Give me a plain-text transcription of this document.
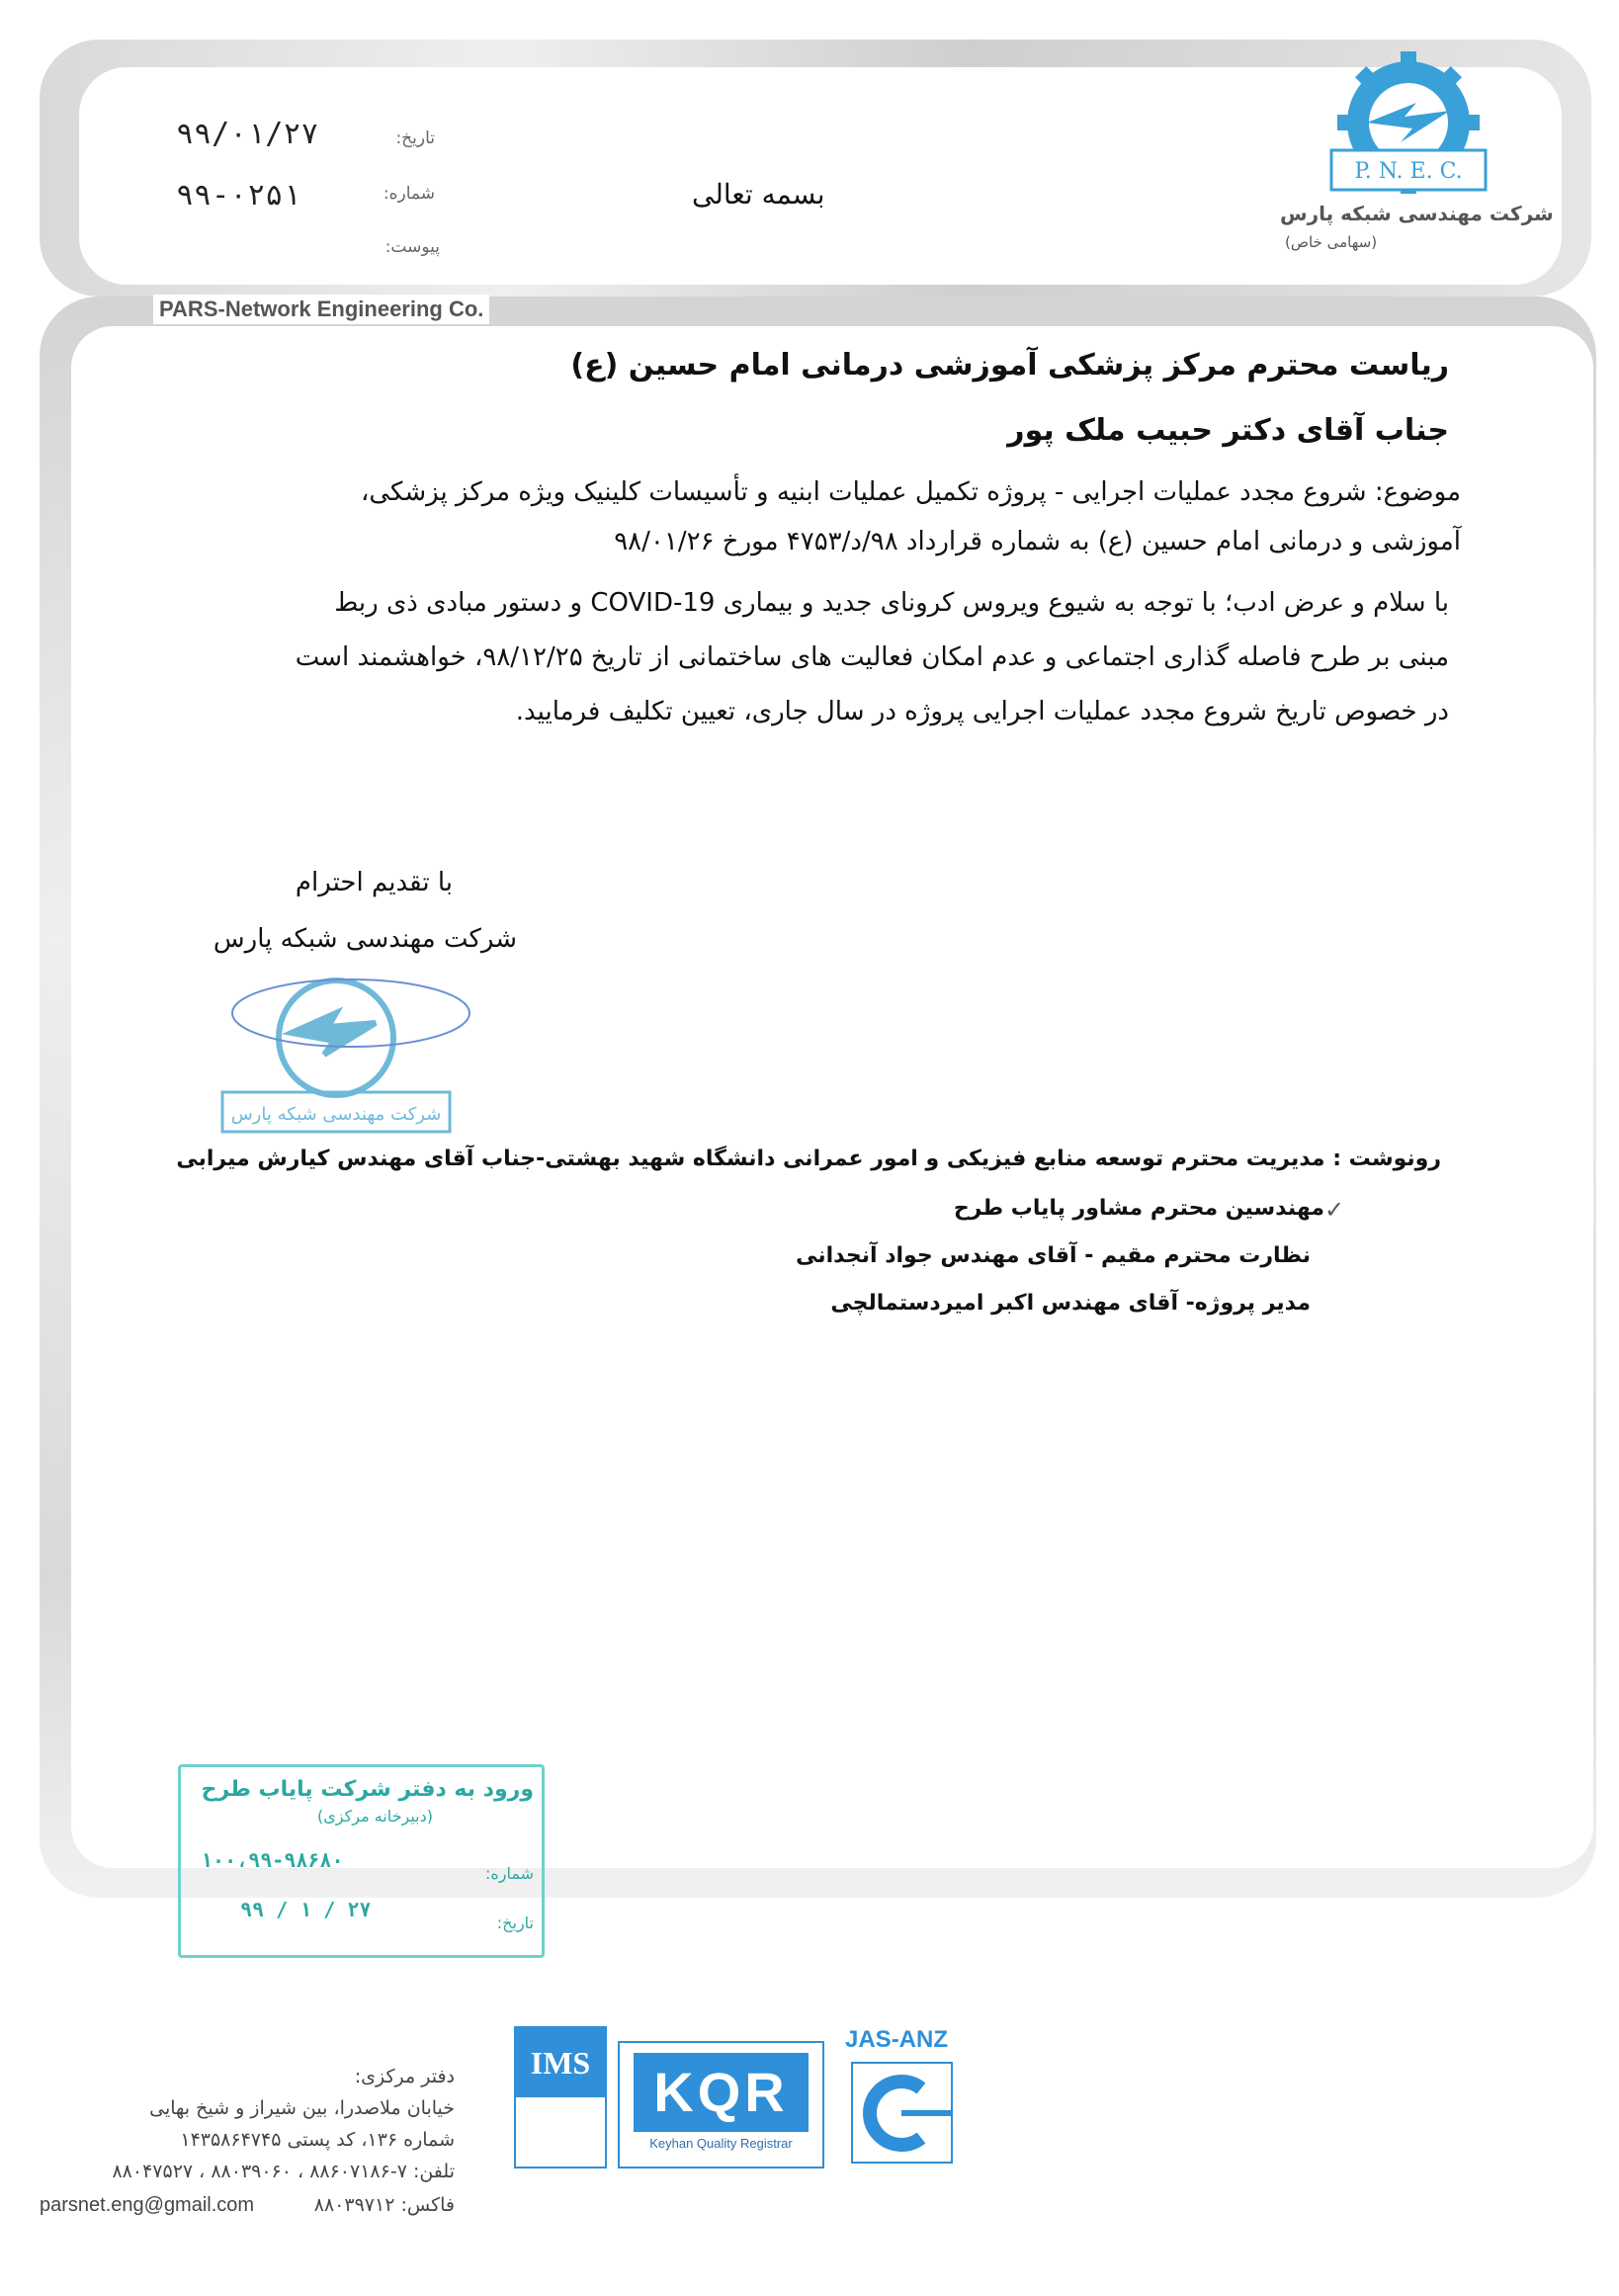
PARS-Network Engineering Co.
تاریخ:
۹۹/۰۱/۲۷
شماره:
۹۹-۰۲۵۱
پیوست:
بسمه تعالی
P. N. E. C.
شرکت مهندسی شبکه پارس
(سهامی خاص)
ریاست محترم مرکز پزشکی آموزشی درمانی امام حسین (ع)
جناب آقای دکتر حبیب ملک پور
موضوع: شروع مجدد عملیات اجرایی - پروژه تکمیل عملیات ابنیه و تأسیسات کلینیک ویژه مرکز پزشکی،
آموزشی و درمانی امام حسین (ع) به شماره قرارداد ۹۸/د/۴۷۵۳ مورخ ۹۸/۰۱/۲۶
با سلام و عرض ادب؛ با توجه به شیوع ویروس کرونای جدید و بیماری COVID-19 و دستور مبادی ذی ربط
مبنی بر طرح فاصله گذاری اجتماعی و عدم امکان فعالیت های ساختمانی از تاریخ ۹۸/۱۲/۲۵، خواهشمند است
در خصوص تاریخ شروع مجدد عملیات اجرایی پروژه در سال جاری، تعیین تکلیف فرمایید.
با تقدیم احترام
شرکت مهندسی شبکه پارس
شرکت مهندسی شبکه پارس
رونوشت : مدیریت محترم توسعه منابع فیزیکی و امور عمرانی دانشگاه شهید بهشتی-جناب آقای مهندس کیارش میرابی
مهندسین محترم مشاور پایاب طرح ✓
نظارت محترم مقیم - آقای مهندس جواد آنجدانی
مدیر پروژه- آقای مهندس اکبر امیردستمالچی
ورود به دفتر شرکت پایاب طرح
(دبیرخانه مرکزی)
شماره:
۱۰۰،۹۹-۹۸۶۸۰
تاریخ:
۹۹ / ۱ / ۲۷
دفتر مرکزی:
خیابان ملاصدرا، بین شیراز و شیخ بهایی
شماره ۱۳۶، کد پستی ۱۴۳۵۸۶۴۷۴۵
تلفن: ۷-۸۸۶۰۷۱۸۶ ، ۸۸۰۳۹۰۶۰ ، ۸۸۰۴۷۵۲۷
فاکس: ۸۸۰۳۹۷۱۲
parsnet.eng@gmail.com
IMS	KQR
Keyhan Quality Registrar
JAS-ANZ
